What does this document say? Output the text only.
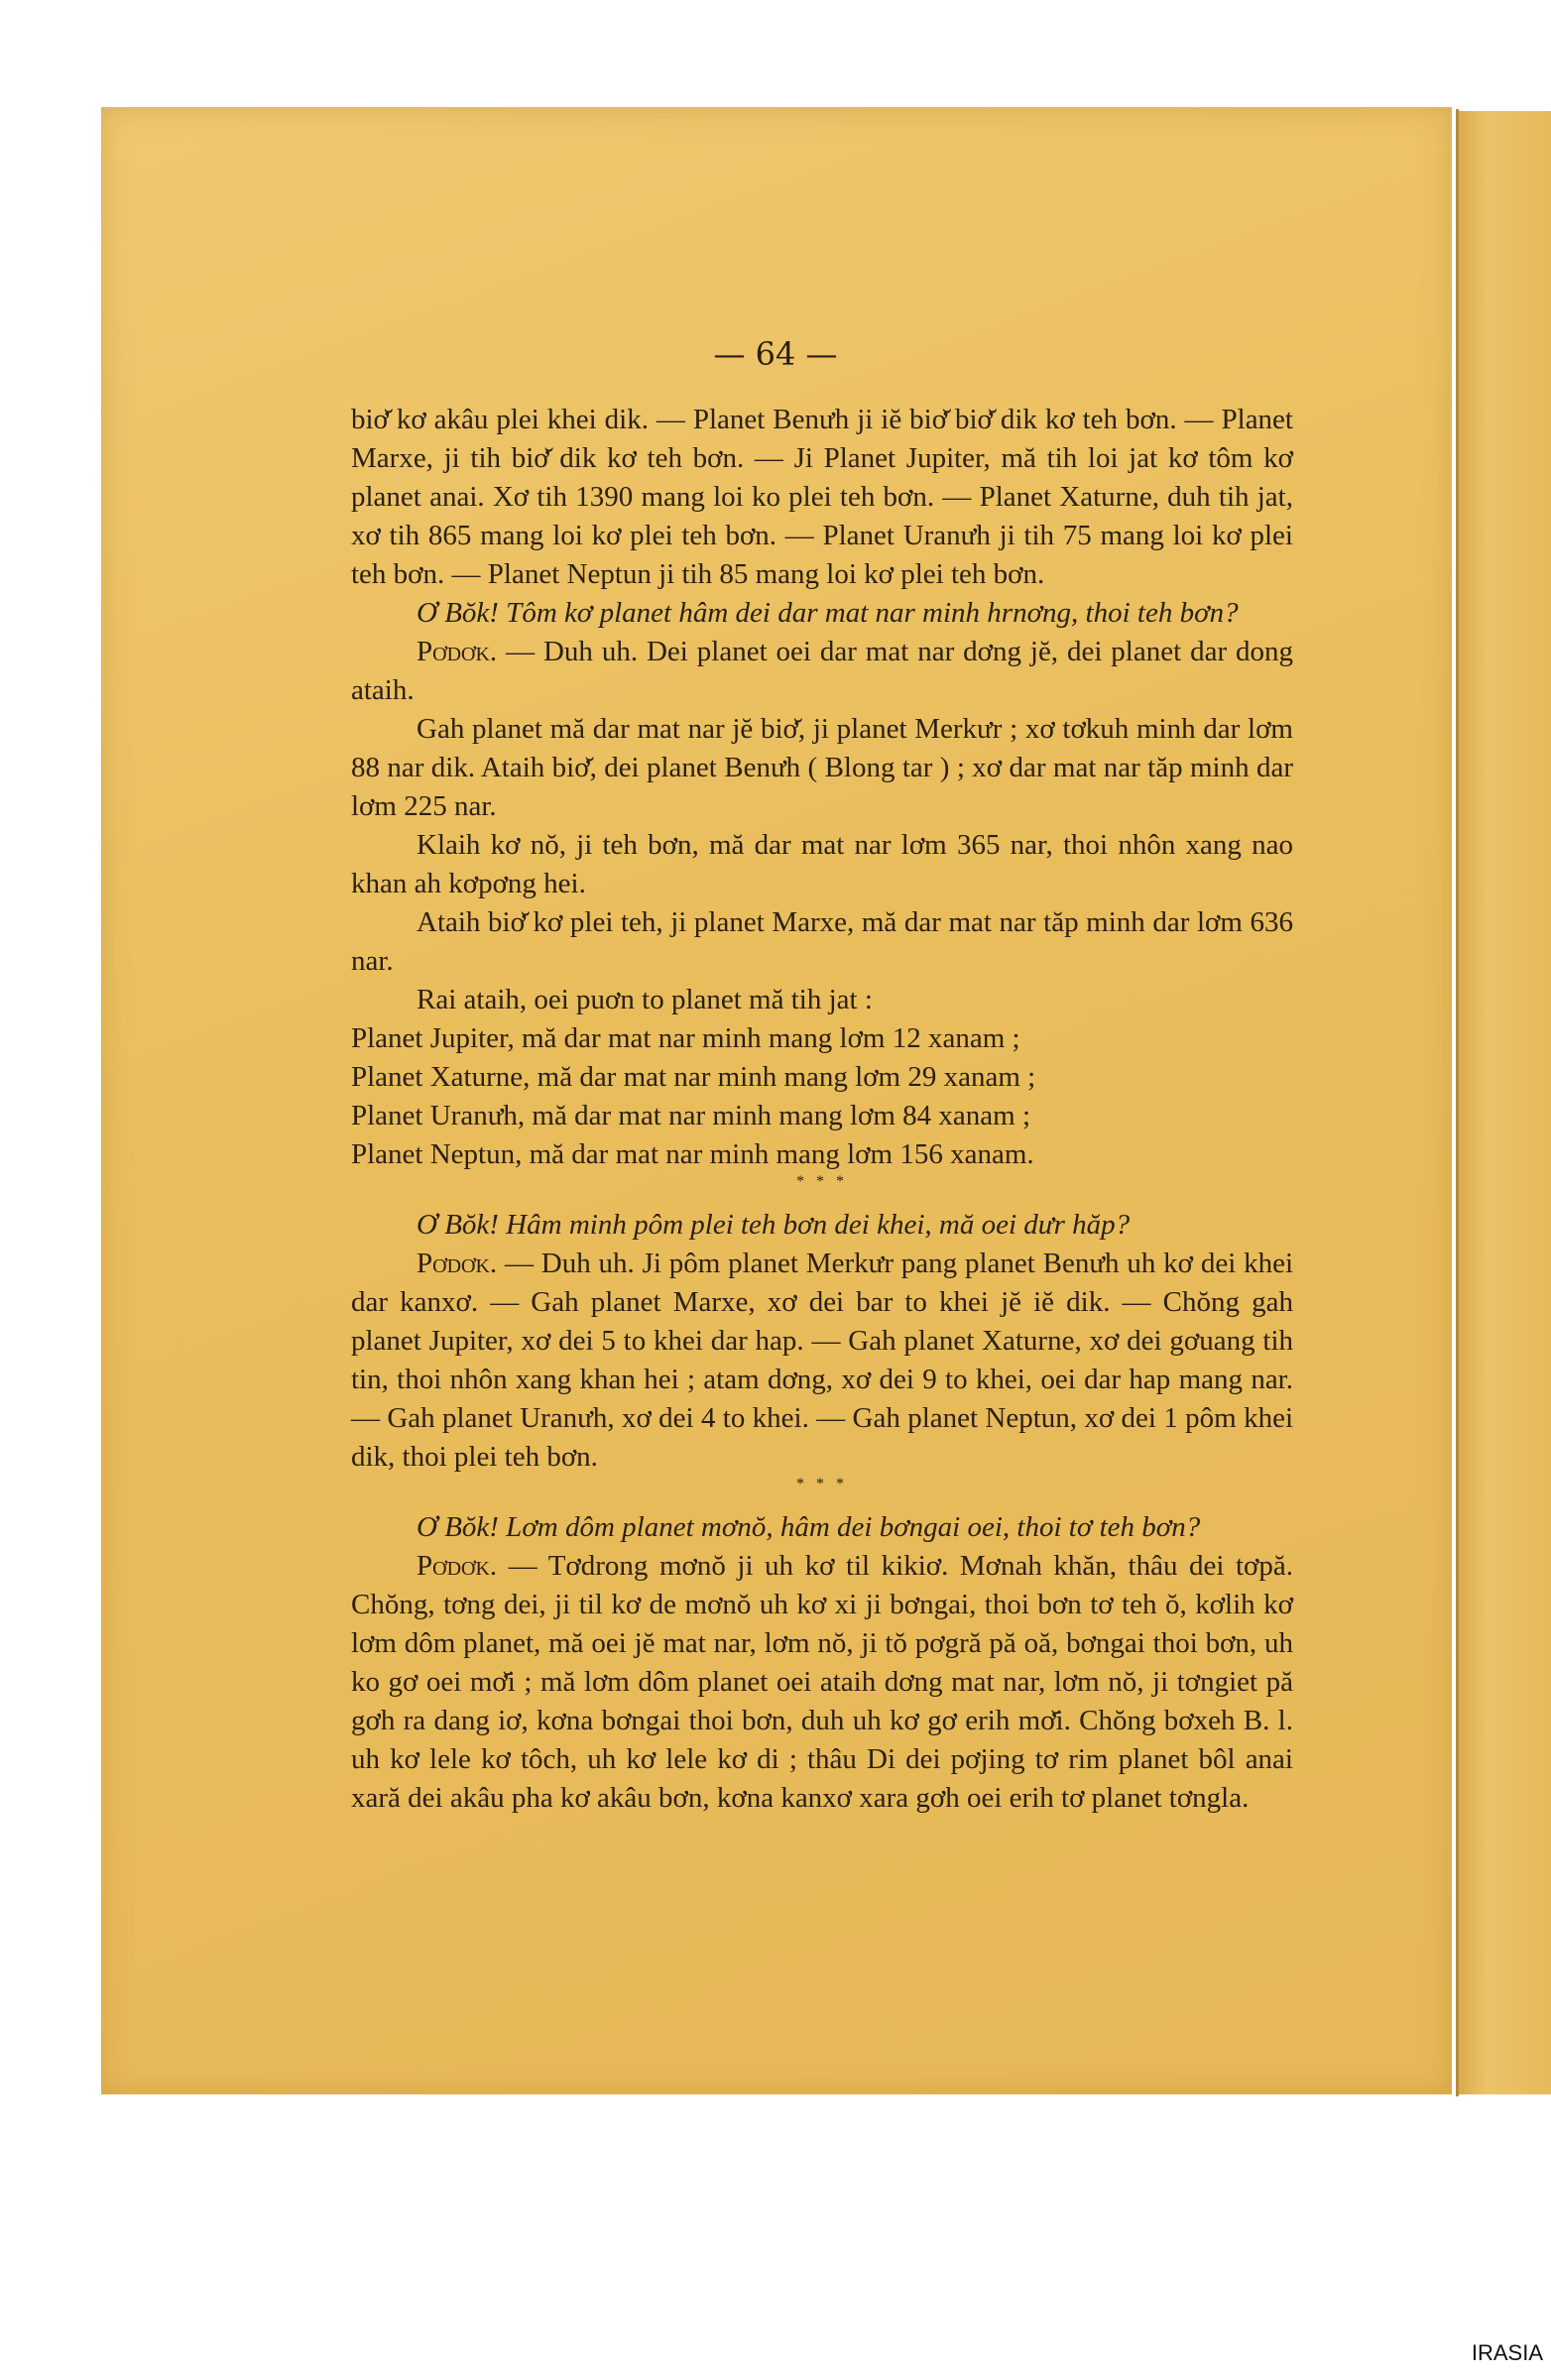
— 64 —

biơ̆ kơ akâu plei khei dik. — Planet Benưh ji iĕ biơ̆ biơ̆ dik kơ teh bơn. — Planet Marxe, ji tih biơ̆ dik kơ teh bơn. — Ji Planet Jupiter, mă tih loi jat kơ tôm kơ planet anai. Xơ tih 1390 mang loi ko plei teh bơn. — Planet Xaturne, duh tih jat, xơ tih 865 mang loi kơ plei teh bơn. — Planet Uranưh ji tih 75 mang loi kơ plei teh bơn. — Planet Neptun ji tih 85 mang loi kơ plei teh bơn.

Ơ Bŏk! Tôm kơ planet hâm dei dar mat nar minh hrnơng, thoi teh bơn?

Pơdơk. — Duh uh. Dei planet oei dar mat nar dơng jĕ, dei planet dar dong ataih.

Gah planet mă dar mat nar jĕ biơ̆, ji planet Merkưr ; xơ tơkuh minh dar lơm 88 nar dik. Ataih biơ̆, dei planet Benưh ( Blong tar ) ; xơ dar mat nar tăp minh dar lơm 225 nar.

Klaih kơ nŏ, ji teh bơn, mă dar mat nar lơm 365 nar, thoi nhôn xang nao khan ah kơpơng hei.

Ataih biơ̆ kơ plei teh, ji planet Marxe, mă dar mat nar tăp minh dar lơm 636 nar.

Rai ataih, oei puơn to planet mă tih jat :

Planet Jupiter, mă dar mat nar minh mang lơm 12 xanam ;
Planet Xaturne, mă dar mat nar minh mang lơm 29 xanam ;
Planet Uranưh, mă dar mat nar minh mang lơm 84 xanam ;
Planet Neptun, mă dar mat nar minh mang lơm 156 xanam.
* * *

Ơ Bŏk! Hâm minh pôm plei teh bơn dei khei, mă oei dưr hăp?

Pơdơk. — Duh uh. Ji pôm planet Merkưr pang planet Benưh uh kơ dei khei dar kanxơ. — Gah planet Marxe, xơ dei bar to khei jĕ iĕ dik. — Chŏng gah planet Jupiter, xơ dei 5 to khei dar hap. — Gah planet Xaturne, xơ dei gơuang tih tin, thoi nhôn xang khan hei ; atam dơng, xơ dei 9 to khei, oei dar hap mang nar. — Gah planet Uranưh, xơ dei 4 to khei. — Gah planet Neptun, xơ dei 1 pôm khei dik, thoi plei teh bơn.

* * *

Ơ Bŏk! Lơm dôm planet mơnŏ, hâm dei bơngai oei, thoi tơ teh bơn?

Pơdơk. — Tơdrong mơnŏ ji uh kơ til kikiơ. Mơnah khăn, thâu dei tơpă. Chŏng, tơng dei, ji til kơ de mơnŏ uh kơ xi ji bơngai, thoi bơn tơ teh ŏ, kơlih kơ lơm dôm planet, mă oei jĕ mat nar, lơm nŏ, ji tŏ pơgră pă oă, bơngai thoi bơn, uh ko gơ oei mơ̆i ; mă lơm dôm planet oei ataih dơng mat nar, lơm nŏ, ji tơngiet pă gơh ra dang iơ, kơna bơngai thoi bơn, duh uh kơ gơ erih mơ̆i. Chŏng bơxeh B. l. uh kơ lele kơ tôch, uh kơ lele kơ di ; thâu Di dei pơjing tơ rim planet bôl anai xară dei akâu pha kơ akâu bơn, kơna kanxơ xara gơh oei erih tơ planet tơngla.

IRASIA
